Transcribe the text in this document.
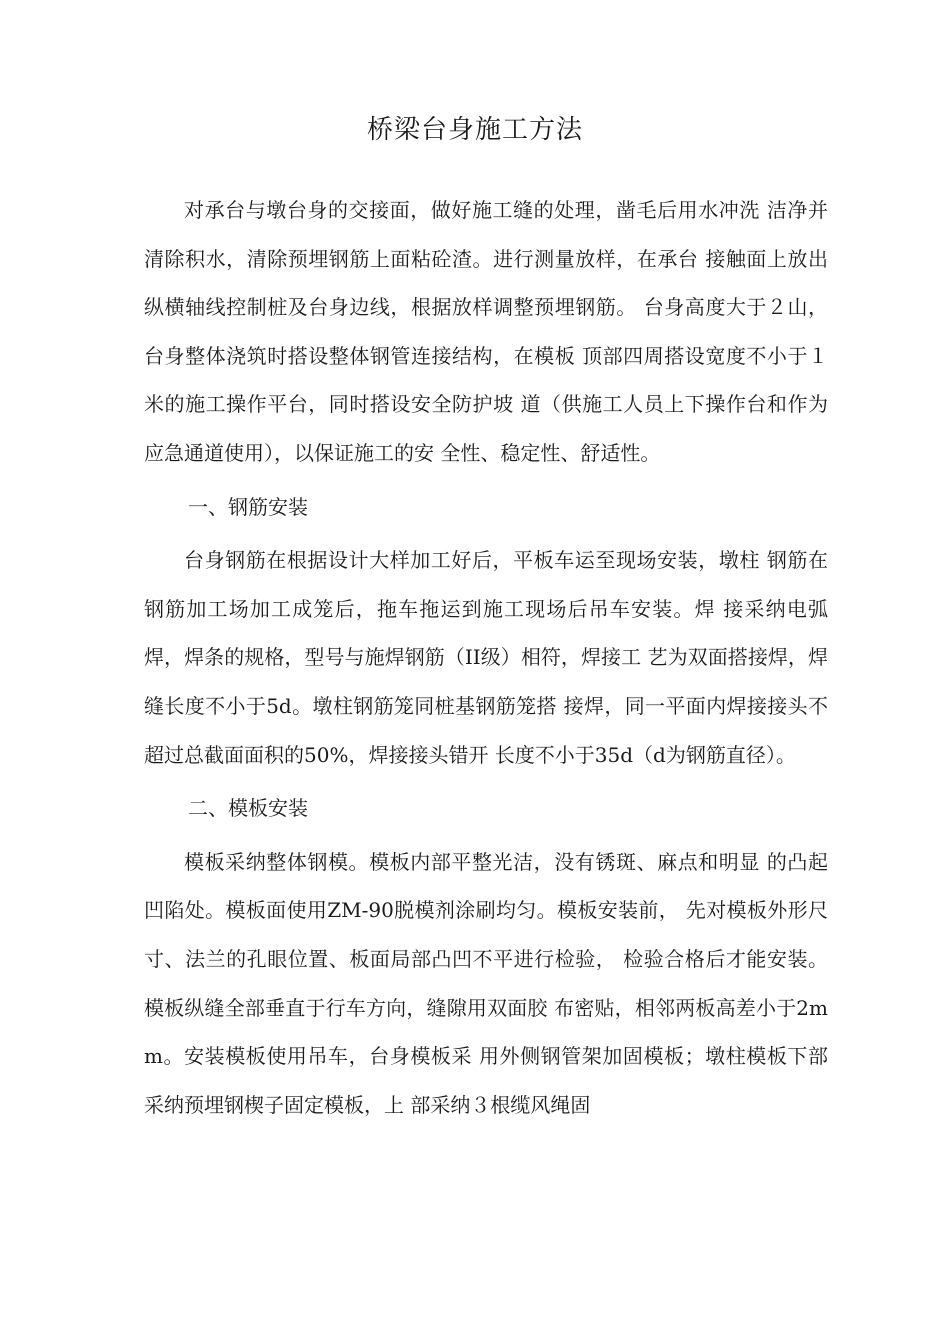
桥梁台身施工方法

对承台与墩台身的交接面，做好施工缝的处理，凿毛后用水冲洗 洁净并清除积水，清除预埋钢筋上面粘砼渣。进行测量放样，在承台 接触面上放出纵横轴线控制桩及台身边线，根据放样调整预埋钢筋。 台身高度大于２山，台身整体浇筑时搭设整体钢管连接结构，在模板 顶部四周搭设宽度不小于１米的施工操作平台，同时搭设安全防护坡 道（供施工人员上下操作台和作为应急通道使用），以保证施工的安 全性、稳定性、舒适性。

一、钢筋安装

台身钢筋在根据设计大样加工好后，平板车运至现场安装，墩柱 钢筋在钢筋加工场加工成笼后，拖车拖运到施工现场后吊车安装。焊 接采纳电弧焊，焊条的规格，型号与施焊钢筋（II级）相符，焊接工 艺为双面搭接焊，焊缝长度不小于5d。墩柱钢筋笼同桩基钢筋笼搭 接焊，同一平面内焊接接头不超过总截面面积的50%，焊接接头错开 长度不小于35d（d为钢筋直径）。

二、模板安装

模板采纳整体钢模。模板内部平整光洁，没有锈斑、麻点和明显 的凸起凹陷处。模板面使用ZM-90脱模剂涂刷均匀。模板安装前， 先对模板外形尺寸、法兰的孔眼位置、板面局部凸凹不平进行检验， 检验合格后才能安装。模板纵缝全部垂直于行车方向，缝隙用双面胶 布密贴，相邻两板高差小于2mm。安装模板使用吊车，台身模板采 用外侧钢管架加固模板；墩柱模板下部采纳预埋钢楔子固定模板，上 部采纳３根缆风绳固
